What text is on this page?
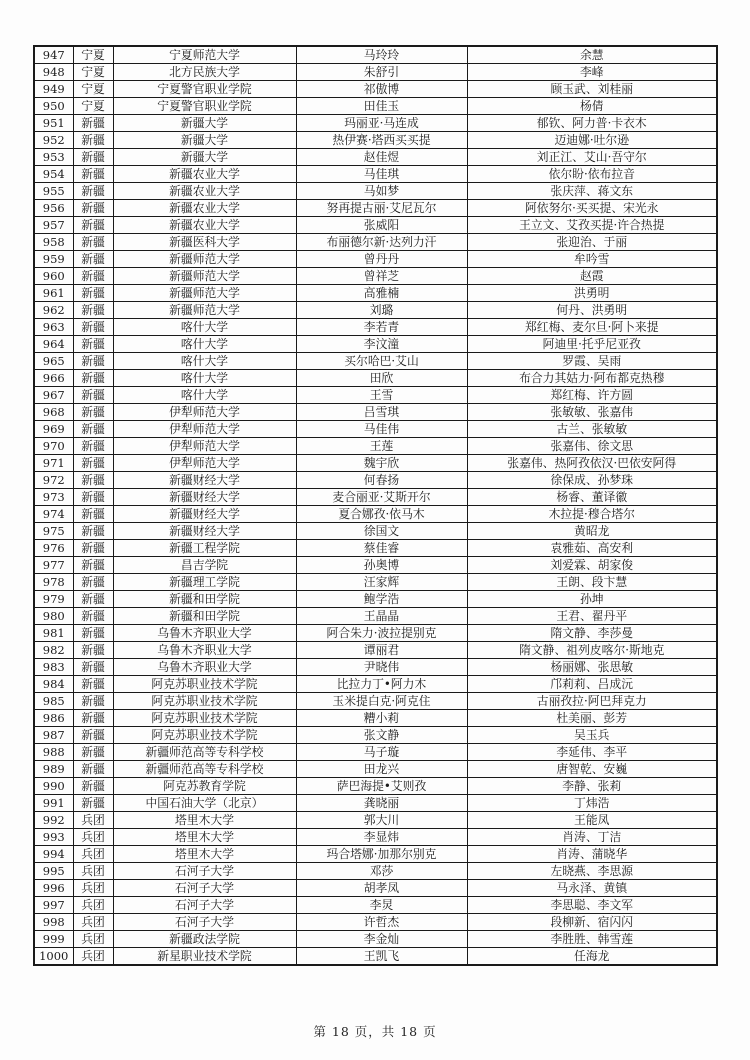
947	宁夏	宁夏师范大学	马玲玲	余慧
948	宁夏	北方民族大学	朱舒引	李峰
949	宁夏	宁夏警官职业学院	祁傲博	顾玉武、刘桂丽
950	宁夏	宁夏警官职业学院	田佳玉	杨倩
951	新疆	新疆大学	玛丽亚·马连成	郁钦、阿力普·卡衣木
952	新疆	新疆大学	热伊赛·塔西买买提	迈迪娜·吐尔逊
953	新疆	新疆大学	赵佳煜	刘正江、艾山·吾守尔
954	新疆	新疆农业大学	马佳琪	依尔盼·依布拉音
955	新疆	新疆农业大学	马如梦	张庆萍、蒋文东
956	新疆	新疆农业大学	努再提古丽·艾尼瓦尔	阿依努尔·买买提、宋光永
957	新疆	新疆农业大学	张威阳	王立文、艾孜买提·许合热提
958	新疆	新疆医科大学	布丽德尔新·达列力汗	张迎治、于丽
959	新疆	新疆师范大学	曾丹丹	牟吟雪
960	新疆	新疆师范大学	曾祥芝	赵霞
961	新疆	新疆师范大学	高雅楠	洪勇明
962	新疆	新疆师范大学	刘璐	何丹、洪勇明
963	新疆	喀什大学	李若青	郑红梅、麦尔旦·阿卜来提
964	新疆	喀什大学	李汶潼	阿迪里·托乎尼亚孜
965	新疆	喀什大学	买尔哈巴·艾山	罗霞、吴雨
966	新疆	喀什大学	田欣	布合力其姑力·阿布都克热穆
967	新疆	喀什大学	王雪	郑红梅、许方圆
968	新疆	伊犁师范大学	吕雪琪	张敏敏、张嘉伟
969	新疆	伊犁师范大学	马佳伟	古兰、张敏敏
970	新疆	伊犁师范大学	王莲	张嘉伟、徐文思
971	新疆	伊犁师范大学	魏宇欣	张嘉伟、热阿孜依汉·巴依安阿得
972	新疆	新疆财经大学	何春扬	徐保成、孙梦珠
973	新疆	新疆财经大学	麦合丽亚·艾斯开尔	杨睿、董译徽
974	新疆	新疆财经大学	夏合娜孜·依马木	木拉提·穆合塔尔
975	新疆	新疆财经大学	徐国文	黄昭龙
976	新疆	新疆工程学院	蔡佳睿	袁雅茹、高安利
977	新疆	昌吉学院	孙奥博	刘爱霖、胡家俊
978	新疆	新疆理工学院	汪家辉	王朗、段卞慧
979	新疆	新疆和田学院	鲍学浩	孙坤
980	新疆	新疆和田学院	王晶晶	王君、翟丹平
981	新疆	乌鲁木齐职业大学	阿合朱力·波拉提别克	隋文静、李莎曼
982	新疆	乌鲁木齐职业大学	谭丽君	隋文静、祖列皮喀尔·斯地克
983	新疆	乌鲁木齐职业大学	尹晓伟	杨丽娜、张思敏
984	新疆	阿克苏职业技术学院	比拉力丁•阿力木	邝莉莉、吕成沅
985	新疆	阿克苏职业技术学院	玉米提白克·阿克住	古丽孜拉·阿巴拜克力
986	新疆	阿克苏职业技术学院	糟小莉	杜美丽、彭芳
987	新疆	阿克苏职业技术学院	张文静	吴玉兵
988	新疆	新疆师范高等专科学校	马子璇	李延伟、李平
989	新疆	新疆师范高等专科学校	田龙兴	唐智乾、安巍
990	新疆	阿克苏教育学院	萨巴海提•艾则孜	李静、张莉
991	新疆	中国石油大学（北京）	龚晓丽	丁炜浩
992	兵团	塔里木大学	郭大川	王能凤
993	兵团	塔里木大学	李显炜	肖涛、丁洁
994	兵团	塔里木大学	玛合塔娜·加那尔别克	肖涛、蒲晓华
995	兵团	石河子大学	邓莎	左晓燕、李思源
996	兵团	石河子大学	胡孝凤	马永泽、黄镇
997	兵团	石河子大学	李炅	李思聪、李文军
998	兵团	石河子大学	许哲杰	段柳新、宿闪闪
999	兵团	新疆政法学院	李金灿	李胜胜、韩雪莲
1000	兵团	新星职业技术学院	王凯飞	任海龙
第 18 页，共 18 页
